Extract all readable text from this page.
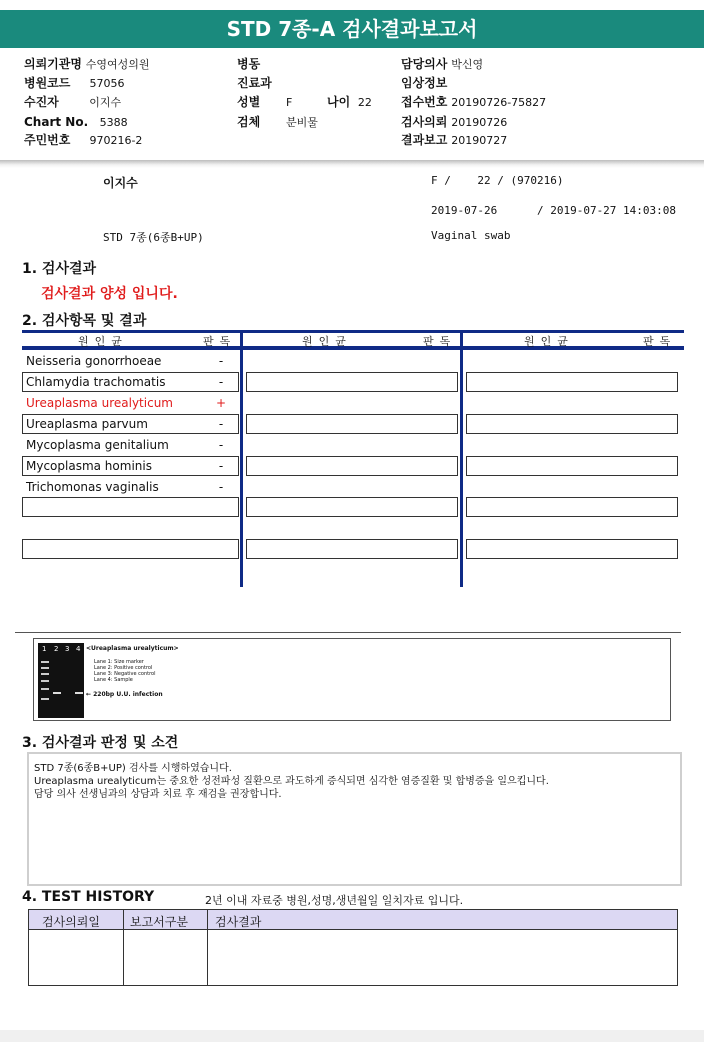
STD 7종-A 검사결과보고서
의뢰기관명 수영여성의원
병원코드 57056
수진자	이지수
Chart No. 5388
주민번호 970216-2
병동
진료과
성별 F	나이 22
검체 분비물
담당의사 박신영
임상정보
접수번호 20190726-75827
검사의뢰 20190726
결과보고 20190727
이지수	F /    22 / (970216)
2019-07-26      / 2019-07-27 14:03:08
STD 7종(6종B+UP)	Vaginal swab
1. 검사결과
검사결과 양성 입니다.
2. 검사항목 및 결과
원인균	판독	원인균	판독	원인균	판독
Neisseria gonorrhoeae	-
Chlamydia trachomatis	-
Ureaplasma urealyticum	+
Ureaplasma parvum	-
Mycoplasma genitalium	-
Mycoplasma hominis	-
Trichomonas vaginalis	-
1 2 3 4 <Ureaplasma urealyticum>
Lane 1: Size marker
Lane 2: Positive control
Lane 3: Negative control
Lane 4: Sample
← 220bp U.U. infection
3. 검사결과 판정 및 소견
STD 7종(6종B+UP) 검사를 시행하였습니다.
Ureaplasma urealyticum는 중요한 성전파성 질환으로 과도하게 증식되면 심각한 염증질환 및 합병증을 일으킵니다.
담당 의사 선생님과의 상담과 치료 후 재검을 권장합니다.
4. TEST HISTORY	2년 이내 자료중 병원,성명,생년월일 일치자료 입니다.
검사의뢰일	보고서구분 검사결과
